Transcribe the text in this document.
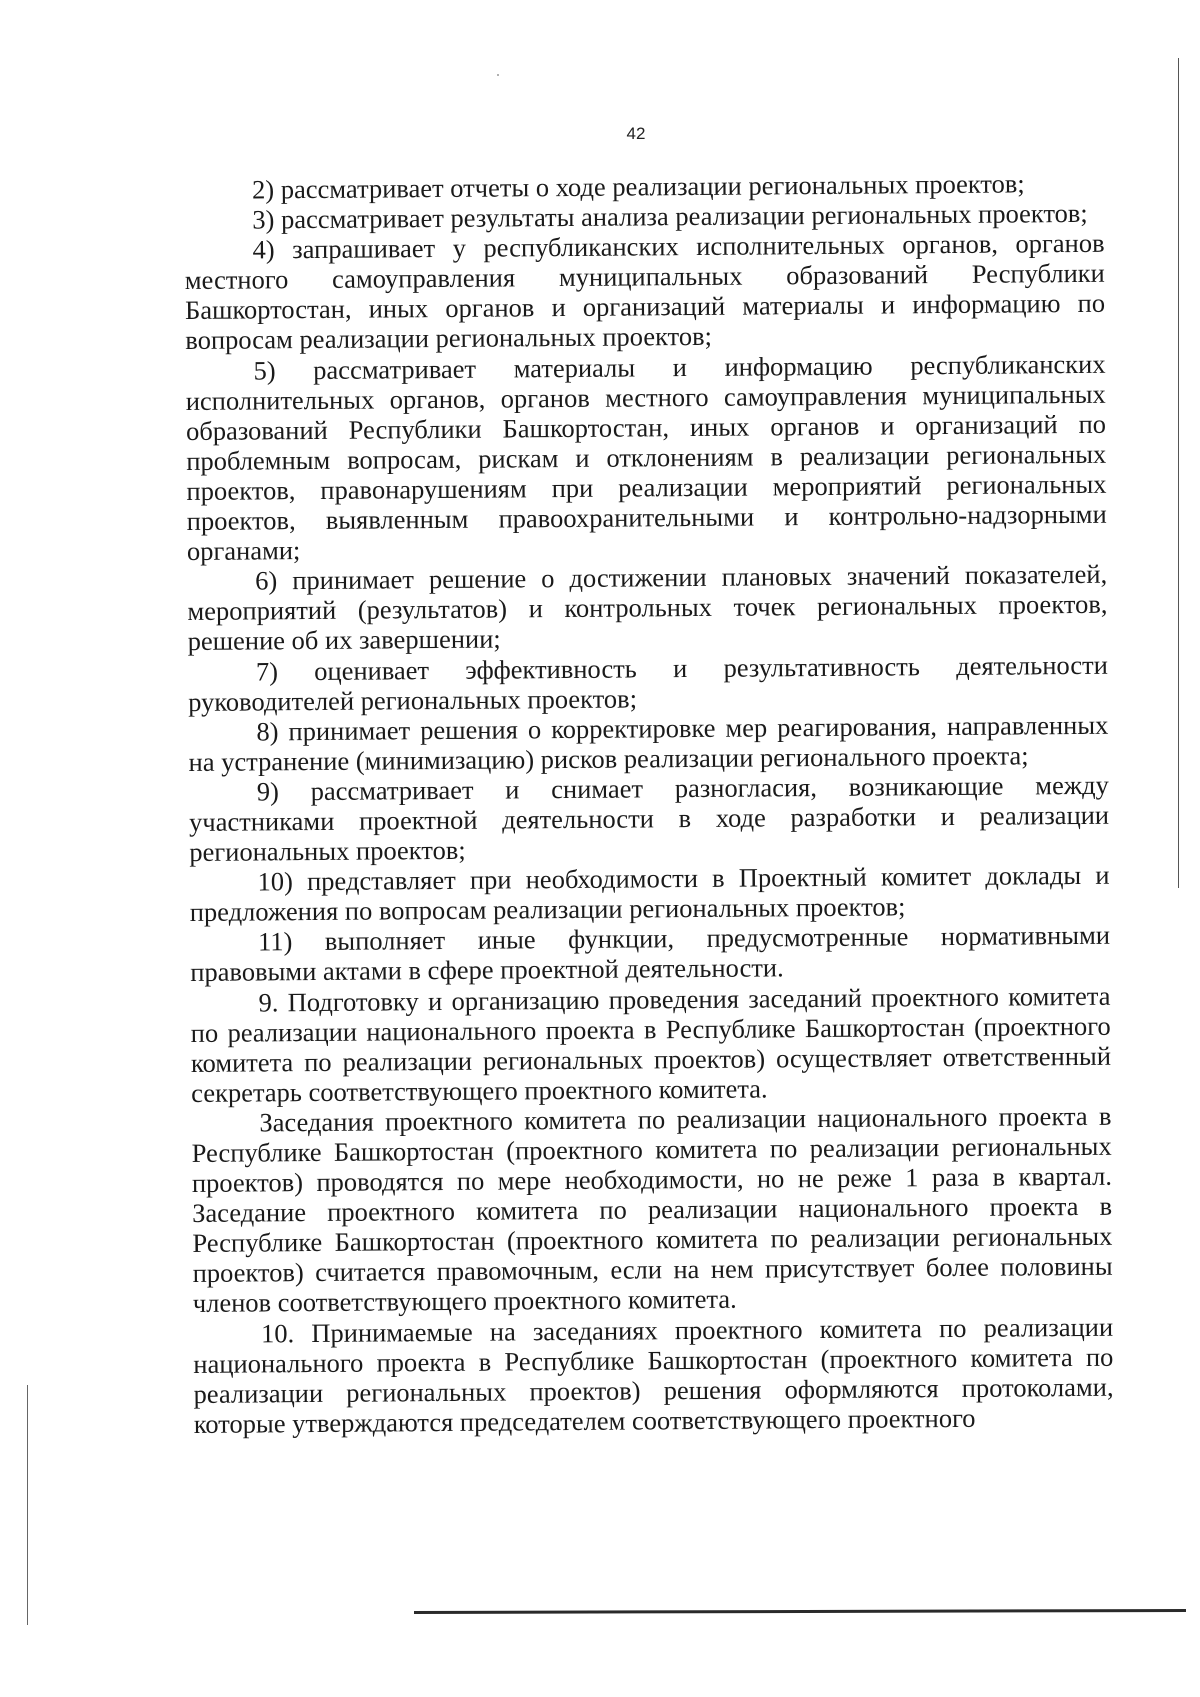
42

2) рассматривает отчеты о ходе реализации региональных проектов;

3) рассматривает результаты анализа реализации региональных проектов;

4) запрашивает у республиканских исполнительных органов, органов местного самоуправления муниципальных образований Республики Башкортостан, иных органов и организаций материалы и информацию по вопросам реализации региональных проектов;

5) рассматривает материалы и информацию республиканских исполнительных органов, органов местного самоуправления муниципальных образований Республики Башкортостан, иных органов и организаций по проблемным вопросам, рискам и отклонениям в реализации региональных проектов, правонарушениям при реализации мероприятий региональных проектов, выявленным правоохранительными и контрольно-надзорными органами;

6) принимает решение о достижении плановых значений показателей, мероприятий (результатов) и контрольных точек региональных проектов, решение об их завершении;

7) оценивает эффективность и результативность деятельности руководителей региональных проектов;

8) принимает решения о корректировке мер реагирования, направленных на устранение (минимизацию) рисков реализации регионального проекта;

9) рассматривает и снимает разногласия, возникающие между участниками проектной деятельности в ходе разработки и реализации региональных проектов;

10) представляет при необходимости в Проектный комитет доклады и предложения по вопросам реализации региональных проектов;

11) выполняет иные функции, предусмотренные нормативными правовыми актами в сфере проектной деятельности.

9. Подготовку и организацию проведения заседаний проектного комитета по реализации национального проекта в Республике Башкортостан (проектного комитета по реализации региональных проектов) осуществляет ответственный секретарь соответствующего проектного комитета.

Заседания проектного комитета по реализации национального проекта в Республике Башкортостан (проектного комитета по реализации региональных проектов) проводятся по мере необходимости, но не реже 1 раза в квартал. Заседание проектного комитета по реализации национального проекта в Республике Башкортостан (проектного комитета по реализации региональных проектов) считается правомочным, если на нем присутствует более половины членов соответствующего проектного комитета.

10. Принимаемые на заседаниях проектного комитета по реализации национального проекта в Республике Башкортостан (проектного комитета по реализации региональных проектов) решения оформляются протоколами, которые утверждаются председателем соответствующего проектного
